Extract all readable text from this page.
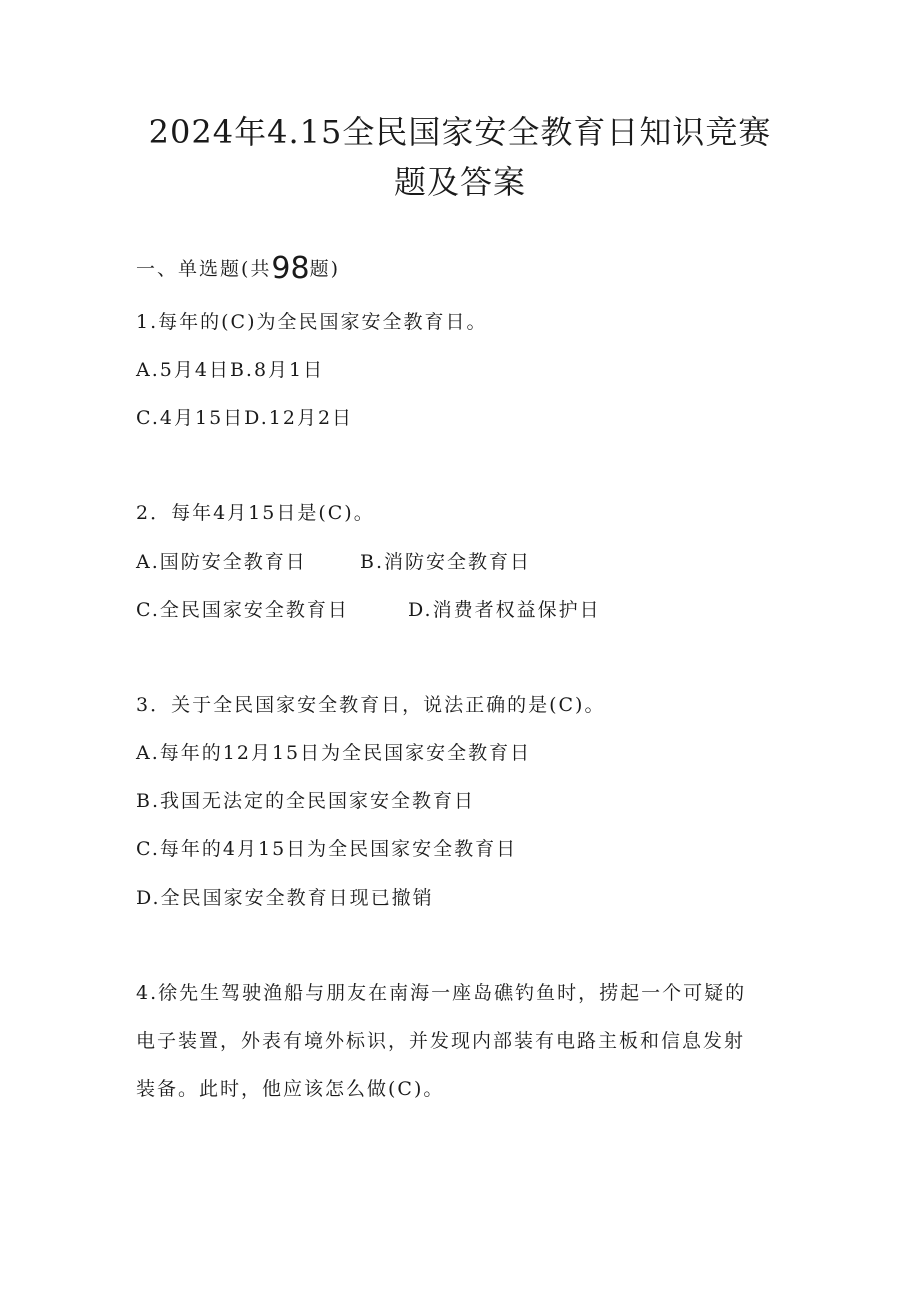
2024年4.15全民国家安全教育日知识竞赛
题及答案
一、单选题(共98题)
1.每年的(C)为全民国家安全教育日。
A.5月4日B.8月1日
C.4月15日D.12月2日
2．每年4月15日是(C)。
A.国防安全教育日	B.消防安全教育日
C.全民国家安全教育日	D.消费者权益保护日
3．关于全民国家安全教育日，说法正确的是(C)。
A.每年的12月15日为全民国家安全教育日
B.我国无法定的全民国家安全教育日
C.每年的4月15日为全民国家安全教育日
D.全民国家安全教育日现已撤销
4.徐先生驾驶渔船与朋友在南海一座岛礁钓鱼时，捞起一个可疑的
电子装置，外表有境外标识，并发现内部装有电路主板和信息发射
装备。此时，他应该怎么做(C)。
